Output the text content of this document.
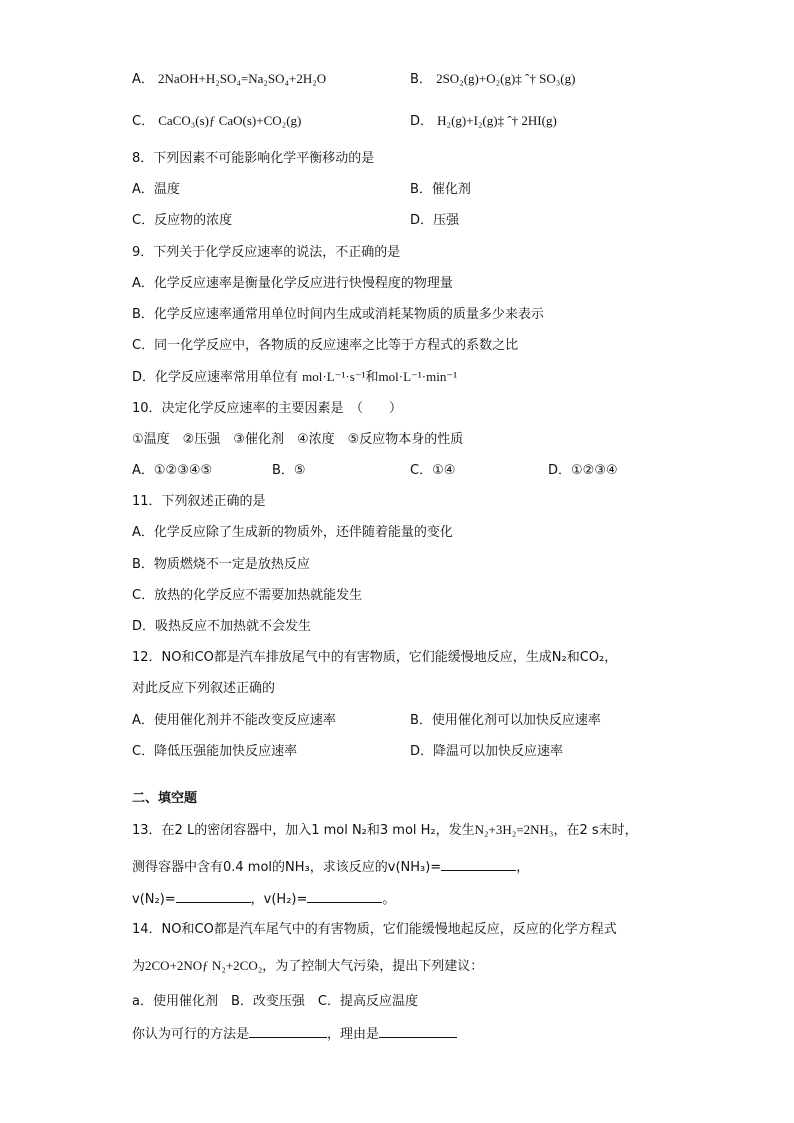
A． 2NaOH+H₂SO₄=Na₂SO₄+2H₂O	B． 2SO₂(g)+O₂(g)‡ ˆ† SO₃(g)
C． CaCO₃(s)ƒ CaO(s)+CO₂(g)	D． H₂(g)+I₂(g)‡ ˆ† 2HI(g)
8．下列因素不可能影响化学平衡移动的是
A．温度	B．催化剂
C．反应物的浓度	D．压强
9．下列关于化学反应速率的说法，不正确的是
A．化学反应速率是衡量化学反应进行快慢程度的物理量
B．化学反应速率通常用单位时间内生成或消耗某物质的质量多少来表示
C．同一化学反应中，各物质的反应速率之比等于方程式的系数之比
D．化学反应速率常用单位有 mol·L⁻¹·s⁻¹和mol·L⁻¹·min⁻¹
10．决定化学反应速率的主要因素是　（　　）
①温度　②压强　③催化剂　④浓度　⑤反应物本身的性质
A．①②③④⑤	B．⑤	C．①④	D．①②③④
11．下列叙述正确的是
A．化学反应除了生成新的物质外，还伴随着能量的变化
B．物质燃烧不一定是放热反应
C．放热的化学反应不需要加热就能发生
D．吸热反应不加热就不会发生
12．NO和CO都是汽车排放尾气中的有害物质，它们能缓慢地反应，生成N₂和CO₂，
对此反应下列叙述正确的
A．使用催化剂并不能改变反应速率	B．使用催化剂可以加快反应速率
C．降低压强能加快反应速率	D．降温可以加快反应速率
二、填空题
13．在2 L的密闭容器中，加入1 mol N₂和3 mol H₂，发生N₂+3H₂=2NH₃，在2 s末时，
测得容器中含有0.4 mol的NH₃，求该反应的v(NH₃)=	，
v(N₂)=	，v(H₂)=	。
14．NO和CO都是汽车尾气中的有害物质，它们能缓慢地起反应，反应的化学方程式
为2CO+2NOƒ N₂+2CO₂，为了控制大气污染，提出下列建议：
a．使用催化剂　B．改变压强　C．提高反应温度
你认为可行的方法是	，理由是
